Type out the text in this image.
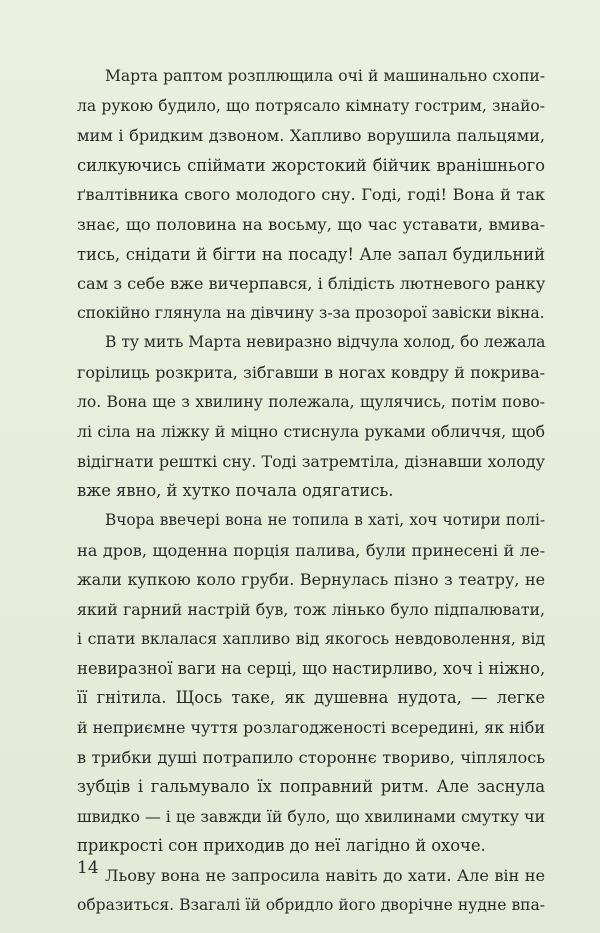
Марта раптом розплющила очі й машинально схопи-
ла рукою будило, що потрясало кімнату гострим, знайо-
мим і бридким дзвоном. Хапливо ворушила пальцями,
силкуючись спіймати жорстокий бійчик вранішнього
ґвалтівника свого молодого сну. Годі, годі! Вона й так
знає, що половина на восьму, що час уставати, вмива-
тись, снідати й бігти на посаду! Але запал будильний
сам з себе вже вичерпався, і блідість лютневого ранку
спокійно глянула на дівчину з-за прозорої завіски вікна.
В ту мить Марта невиразно відчула холод, бо лежала
горілиць розкрита, зібгавши в ногах ковдру й покрива-
ло. Вона ще з хвилину полежала, щулячись, потім пово-
лі сіла на ліжку й міцно стиснула руками обличчя, щоб
відігнати решткі сну. Тоді затремтіла, дізнавши холоду
вже явно, й хутко почала одягатись.
Вчора ввечері вона не топила в хаті, хоч чотири полі-
на дров, щоденна порція палива, були принесені й ле-
жали купкою коло груби. Вернулась пізно з театру, не
який гарний настрій був, тож лінько було підпалювати,
і спати вклалася хапливо від якогось невдоволення, від
невиразної ваги на серці, що настирливо, хоч і ніжно,
її гнітила. Щось таке, як душевна нудота, — легке
й неприємне чуття розлагодженості всередині, як ніби
в трибки душі потрапило стороннє твориво, чіплялось
зубців і гальмувало їх поправний ритм. Але заснула
швидко — і це завжди їй було, що хвилинами смутку чи
прикрості сон приходив до неї лагідно й охоче.
Льову вона не запросила навіть до хати. Але він не
образиться. Взагалі їй обридло його дворічне нудне впа-
14
